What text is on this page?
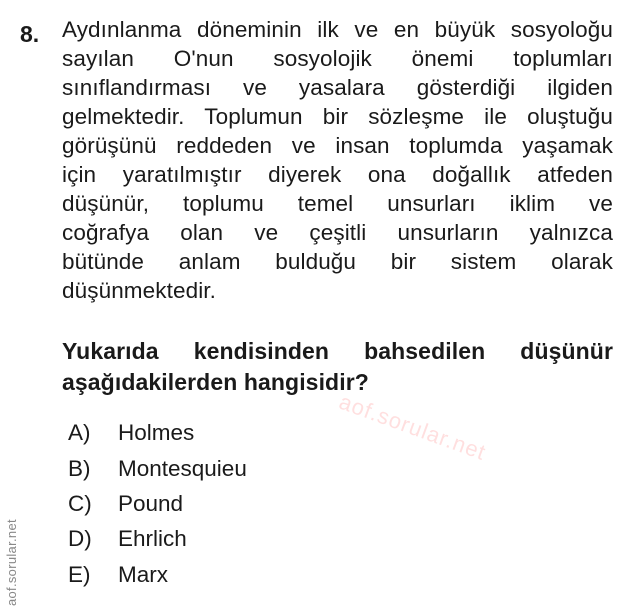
8. Aydınlanma döneminin ilk ve en büyük sosyoloğu
sayılan O'nun sosyolojik önemi toplumları
sınıflandırması ve yasalara gösterdiği ilgiden
gelmektedir. Toplumun bir sözleşme ile oluştuğu
görüşünü reddeden ve insan toplumda yaşamak
için yaratılmıştır diyerek ona doğallık atfeden
düşünür, toplumu temel unsurları iklim ve
coğrafya olan ve çeşitli unsurların yalnızca
bütünde anlam bulduğu bir sistem olarak
düşünmektedir.
Yukarıda kendisinden bahsedilen düşünür
aşağıdakilerden hangisidir?
aof.sorular.net
A) Holmes
B) Montesquieu
C) Pound
D) Ehrlich
E) Marx
aof.sorular.net
